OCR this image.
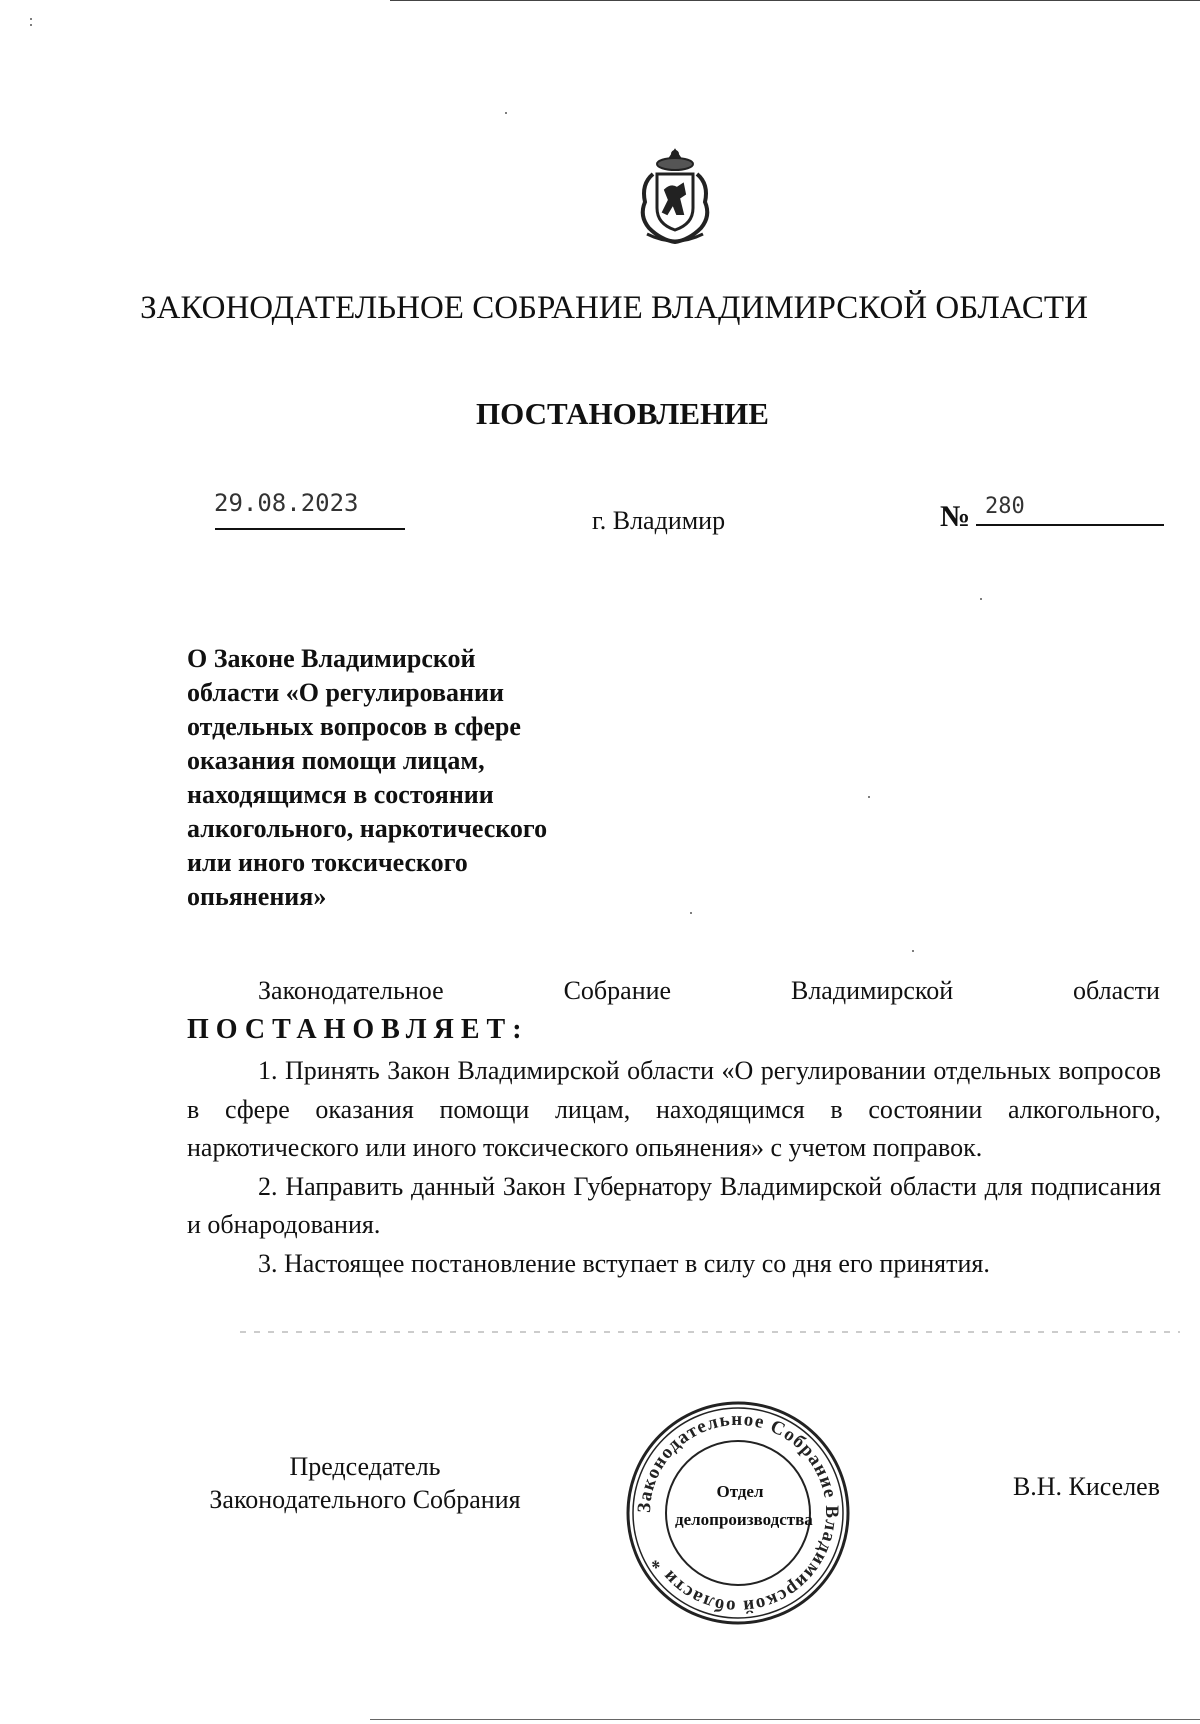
ЗАКОНОДАТЕЛЬНОЕ СОБРАНИЕ ВЛАДИМИРСКОЙ ОБЛАСТИ
ПОСТАНОВЛЕНИЕ
29.08.2023
г. Владимир	№ 280
О Законе Владимирской
области «О регулировании
отдельных вопросов в сфере
оказания помощи лицам,
находящимся в состоянии
алкогольного, наркотического
или иного токсического
опьянения»
Законодательное	Собрание	Владимирской	области
ПОСТАНОВЛЯЕТ:

1. Принять Закон Владимирской области «О регулировании отдельных вопросов в сфере оказания помощи лицам, находящимся в состоянии алкогольного, наркотического или иного токсического опьянения» с учетом поправок.

2. Направить данный Закон Губернатору Владимирской области для подписания и обнародования.

3. Настоящее постановление вступает в силу со дня его принятия.

Председатель
Законодательного Собрания	Законодательное Собрание Владимирской области *
Отдел
делопроизводства
В.Н. Киселев
